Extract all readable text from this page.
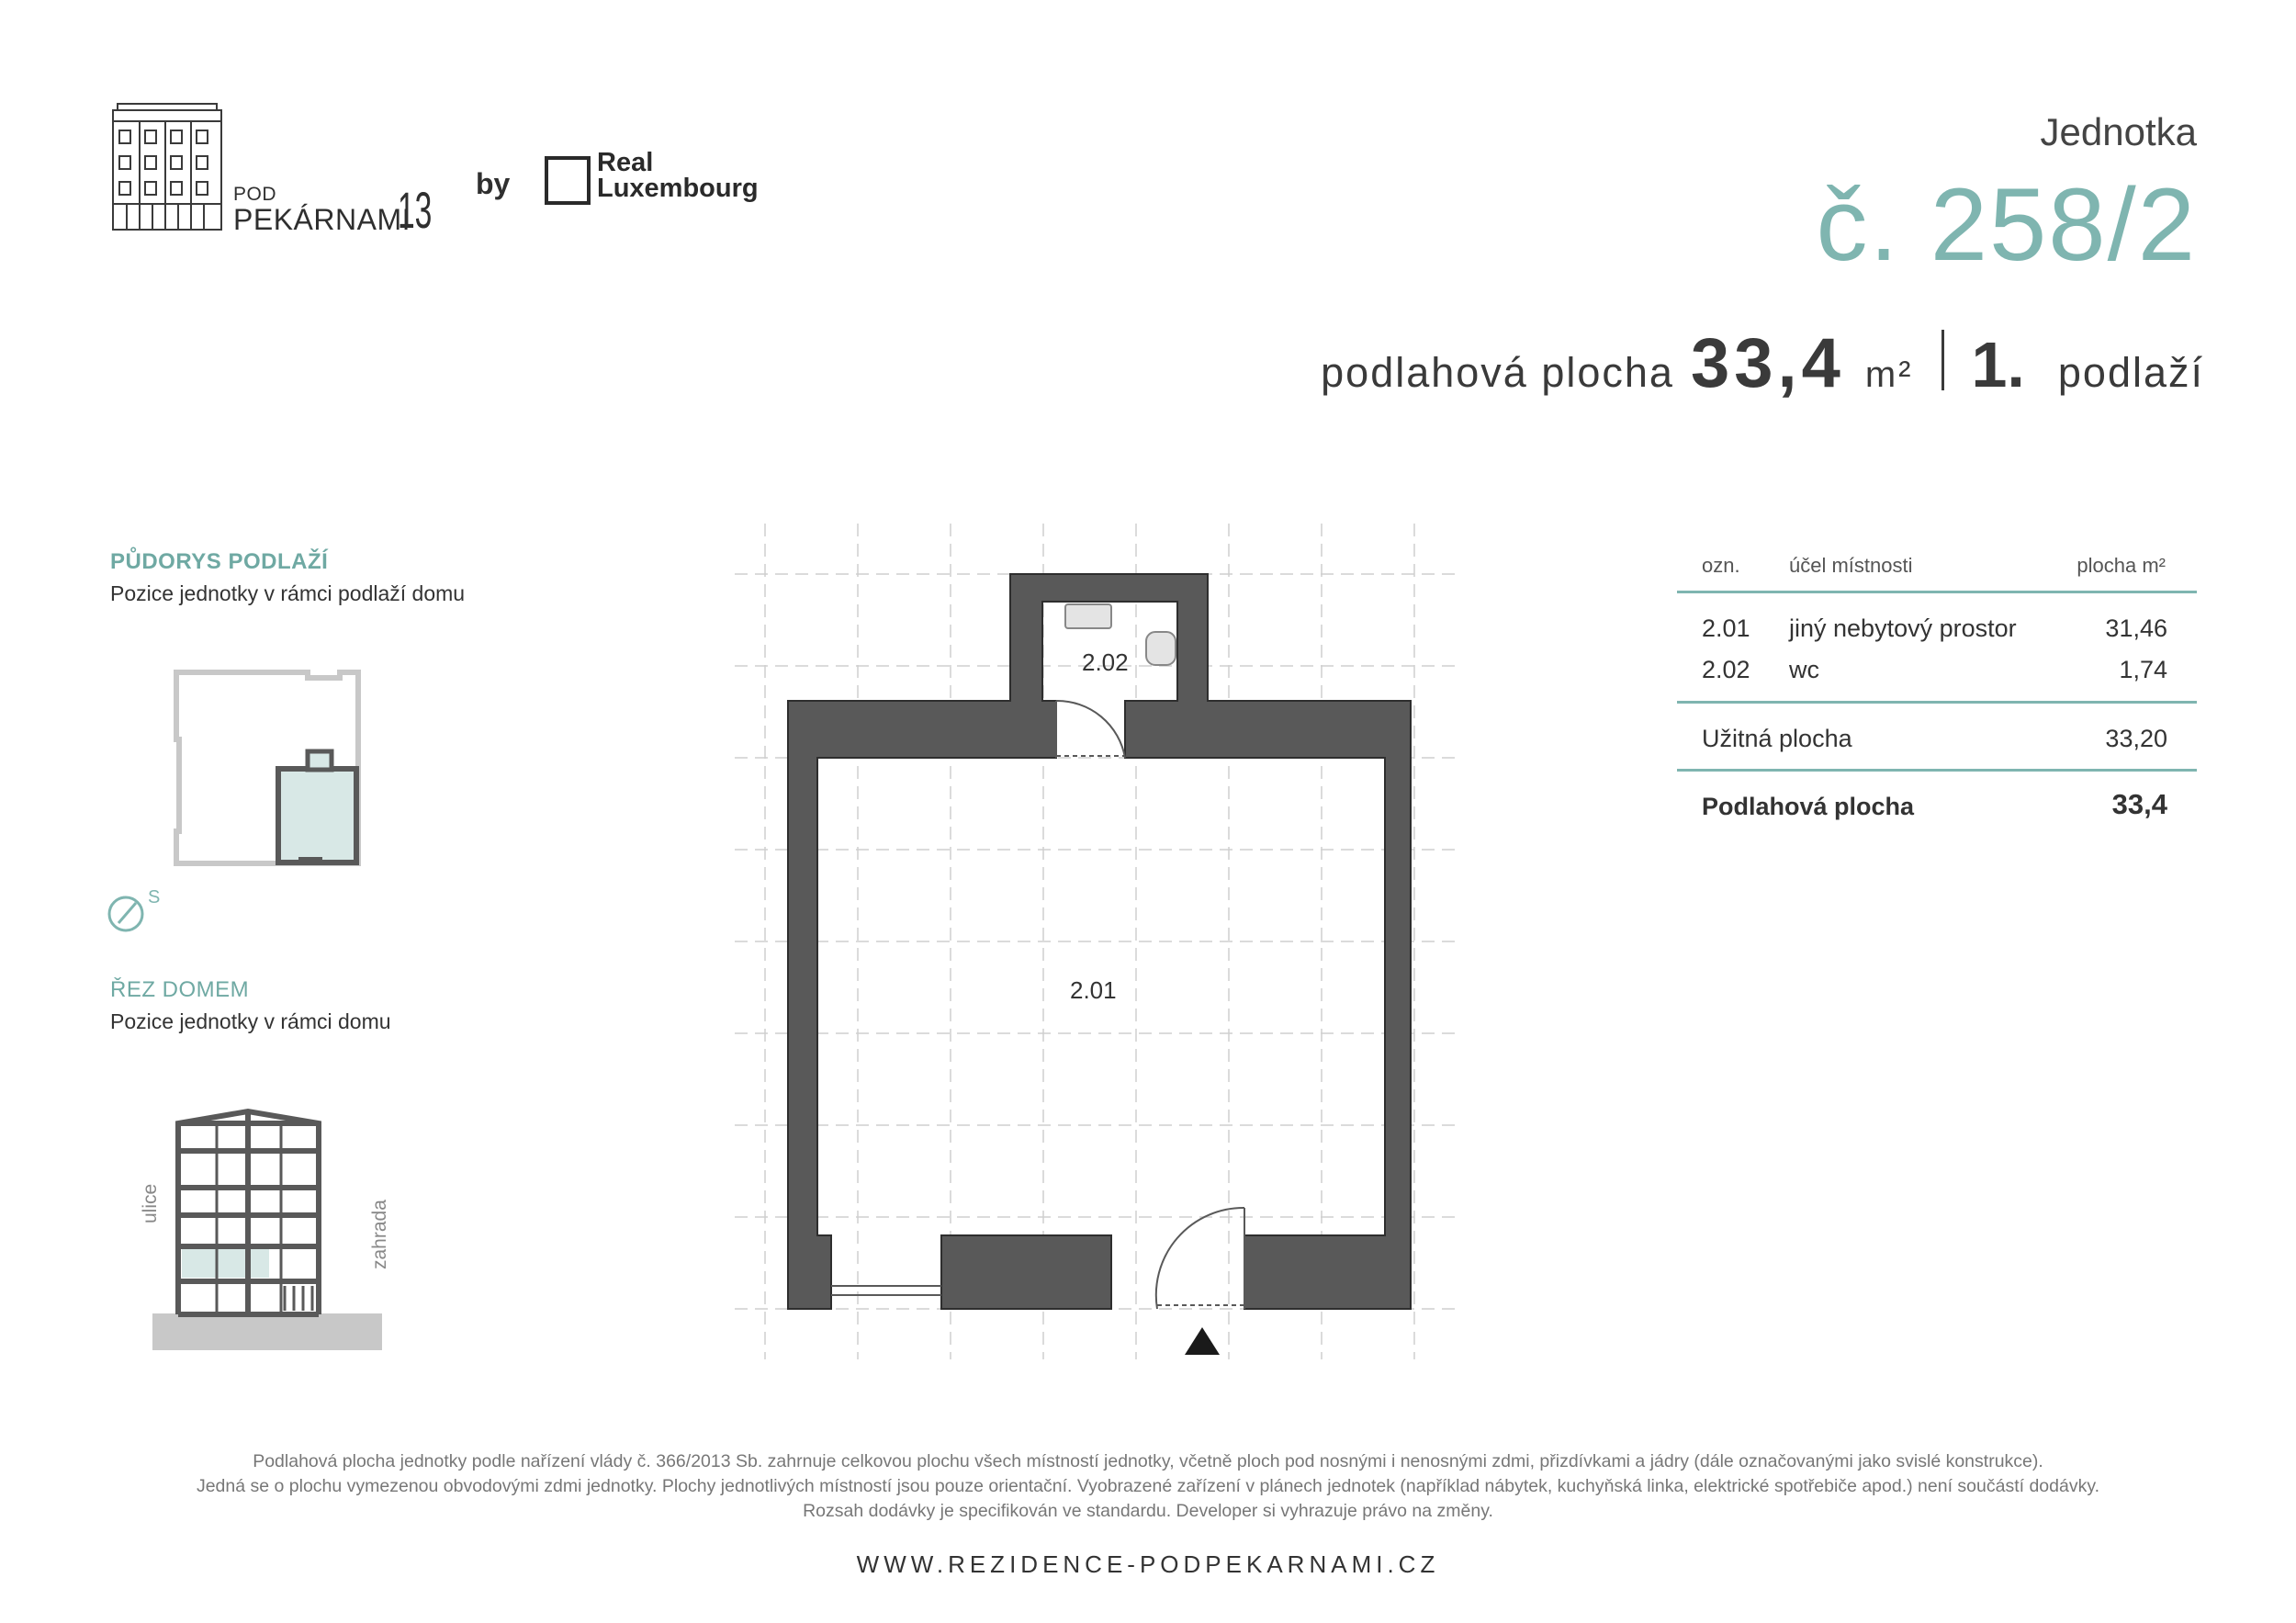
POD
PEKÁRNAMI
13 by
Real
Luxembourg
Jednotka
č. 258/2
podlahová plocha 33,4 m² 1. podlaží
PŮDORYS PODLAŽÍ
Pozice jednotky v rámci podlaží domu
S
ŘEZ DOMEM
Pozice jednotky v rámci domu
ulice	zahrada
2.02
2.01
ozn. účel místnosti	plocha m²
2.01 jiný nebytový prostor	31,46
2.02 wc	1,74
Užitná plocha	33,20
Podlahová plocha	33,4
Podlahová plocha jednotky podle nařízení vlády č. 366/2013 Sb. zahrnuje celkovou plochu všech místností jednotky, včetně ploch pod nosnými i nenosnými zdmi, přizdívkami a jádry (dále označovanými jako svislé konstrukce).
Jedná se o plochu vymezenou obvodovými zdmi jednotky. Plochy jednotlivých místností jsou pouze orientační. Vyobrazené zařízení v plánech jednotek (například nábytek, kuchyňská linka, elektrické spotřebiče apod.) není součástí dodávky.
Rozsah dodávky je specifikován ve standardu. Developer si vyhrazuje právo na změny.
WWW.REZIDENCE-PODPEKARNAMI.CZ
